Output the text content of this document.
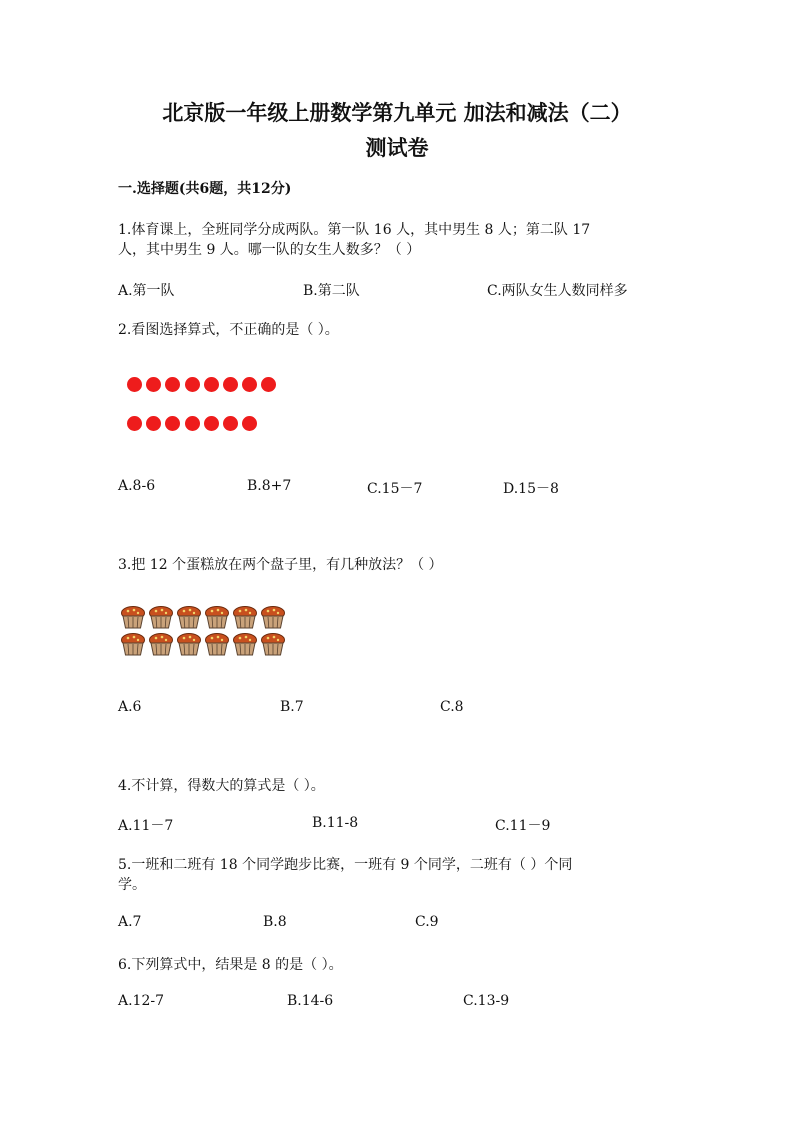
北京版一年级上册数学第九单元 加法和减法（二）
测试卷
一.选择题(共6题，共12分)
1.体育课上，全班同学分成两队。第一队 16 人，其中男生 8 人；第二队 17
人，其中男生 9 人。哪一队的女生人数多？（ ）
A.第一队	B.第二队	C.两队女生人数同样多
2.看图选择算式，不正确的是（ ）。
A.8-6	B.8+7	C.15－7	D.15－8
3.把 12 个蛋糕放在两个盘子里，有几种放法？（ ）
A.6	B.7	C.8
4.不计算，得数大的算式是（ ）。
A.11－7	B.11-8	C.11－9
5.一班和二班有 18 个同学跑步比赛，一班有 9 个同学，二班有（ ）个同
学。
A.7	B.8	C.9
6.下列算式中，结果是 8 的是（ ）。
A.12-7	B.14-6	C.13-9
